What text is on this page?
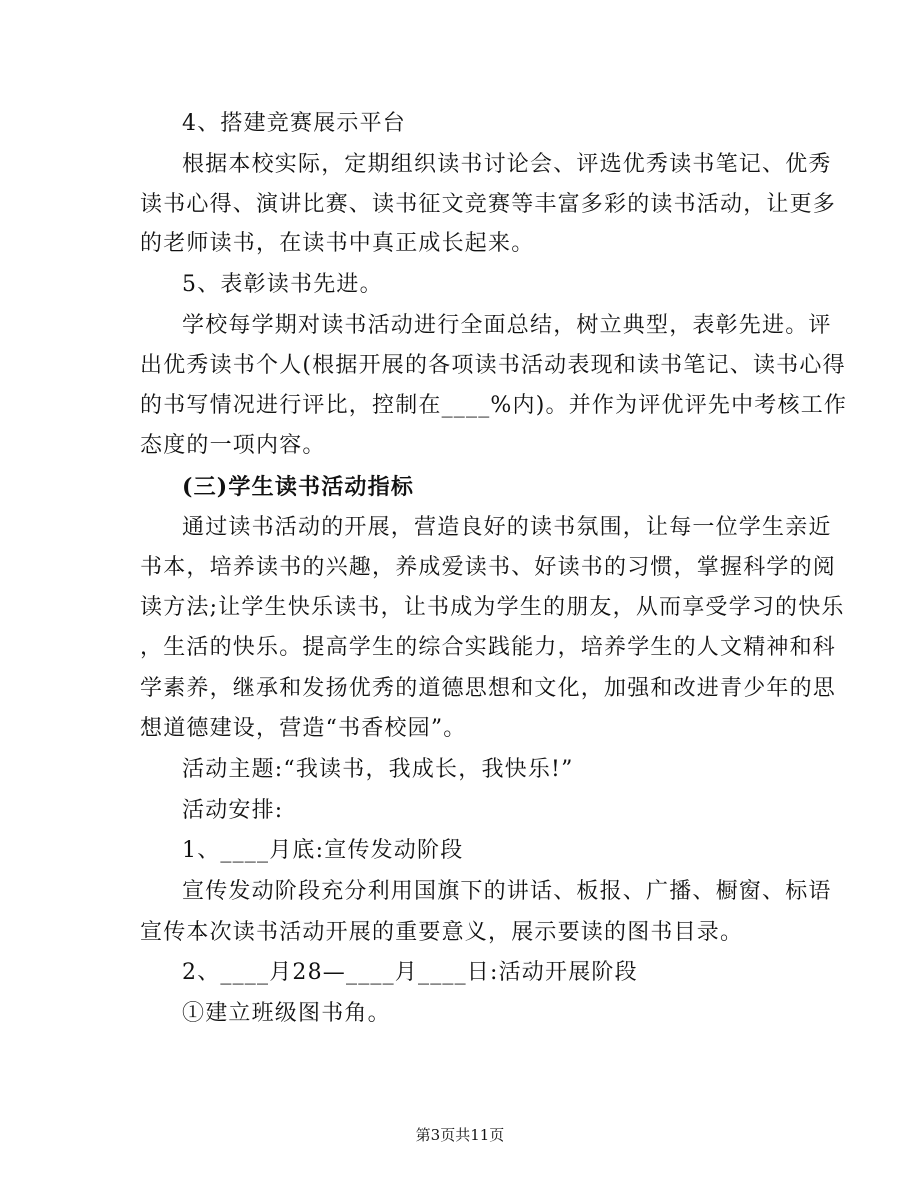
4、搭建竞赛展示平台
根据本校实际，定期组织读书讨论会、评选优秀读书笔记、优秀
读书心得、演讲比赛、读书征文竞赛等丰富多彩的读书活动，让更多
的老师读书，在读书中真正成长起来。
5、表彰读书先进。
学校每学期对读书活动进行全面总结，树立典型，表彰先进。评
出优秀读书个人(根据开展的各项读书活动表现和读书笔记、读书心得
的书写情况进行评比，控制在____%内)。并作为评优评先中考核工作
态度的一项内容。
(三)学生读书活动指标
通过读书活动的开展，营造良好的读书氛围，让每一位学生亲近
书本，培养读书的兴趣，养成爱读书、好读书的习惯，掌握科学的阅
读方法;让学生快乐读书，让书成为学生的朋友，从而享受学习的快乐
，生活的快乐。提高学生的综合实践能力，培养学生的人文精神和科
学素养，继承和发扬优秀的道德思想和文化，加强和改进青少年的思
想道德建设，营造“书香校园”。
活动主题:“我读书，我成长，我快乐!”
活动安排:
1、____月底:宣传发动阶段
宣传发动阶段充分利用国旗下的讲话、板报、广播、橱窗、标语
宣传本次读书活动开展的重要意义，展示要读的图书目录。
2、____月28—____月____日:活动开展阶段
①建立班级图书角。
第3页共11页
